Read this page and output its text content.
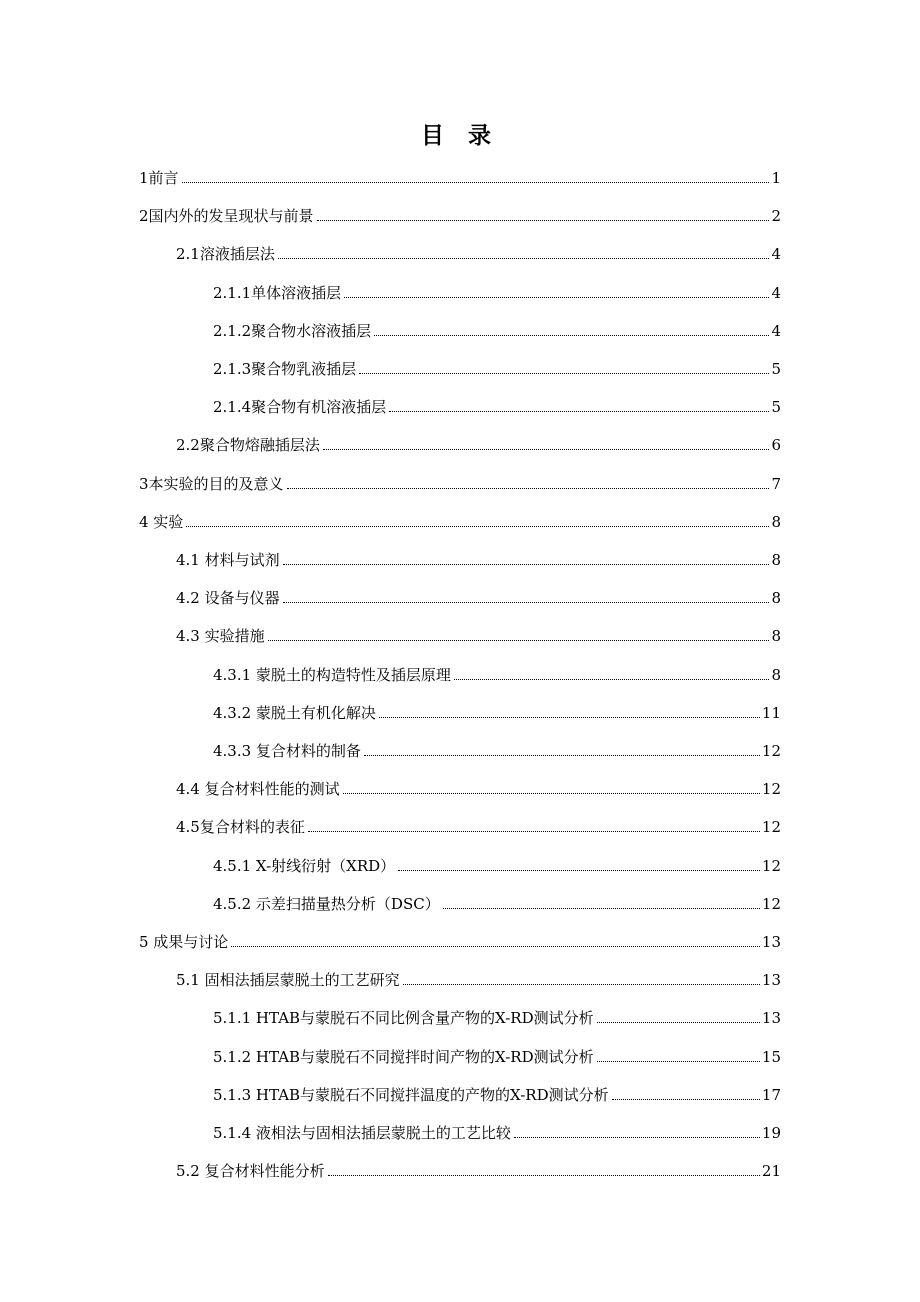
目 录
1前言	1
2国内外的发呈现状与前景	2
2.1溶液插层法	4
2.1.1单体溶液插层	4
2.1.2聚合物水溶液插层	4
2.1.3聚合物乳液插层	5
2.1.4聚合物有机溶液插层	5
2.2聚合物熔融插层法	6
3本实验的目的及意义	7
4 实验	8
4.1 材料与试剂	8
4.2 设备与仪器	8
4.3 实验措施	8
4.3.1 蒙脱土的构造特性及插层原理	8
4.3.2 蒙脱土有机化解决	11
4.3.3 复合材料的制备	12
4.4 复合材料性能的测试	12
4.5复合材料的表征	12
4.5.1 X-射线衍射（XRD）	12
4.5.2 示差扫描量热分析（DSC）	12
5 成果与讨论	13
5.1 固相法插层蒙脱土的工艺研究	13
5.1.1 HTAB与蒙脱石不同比例含量产物的X-RD测试分析	13
5.1.2 HTAB与蒙脱石不同搅拌时间产物的X-RD测试分析	15
5.1.3 HTAB与蒙脱石不同搅拌温度的产物的X-RD测试分析	17
5.1.4 液相法与固相法插层蒙脱土的工艺比较	19
5.2 复合材料性能分析	21
